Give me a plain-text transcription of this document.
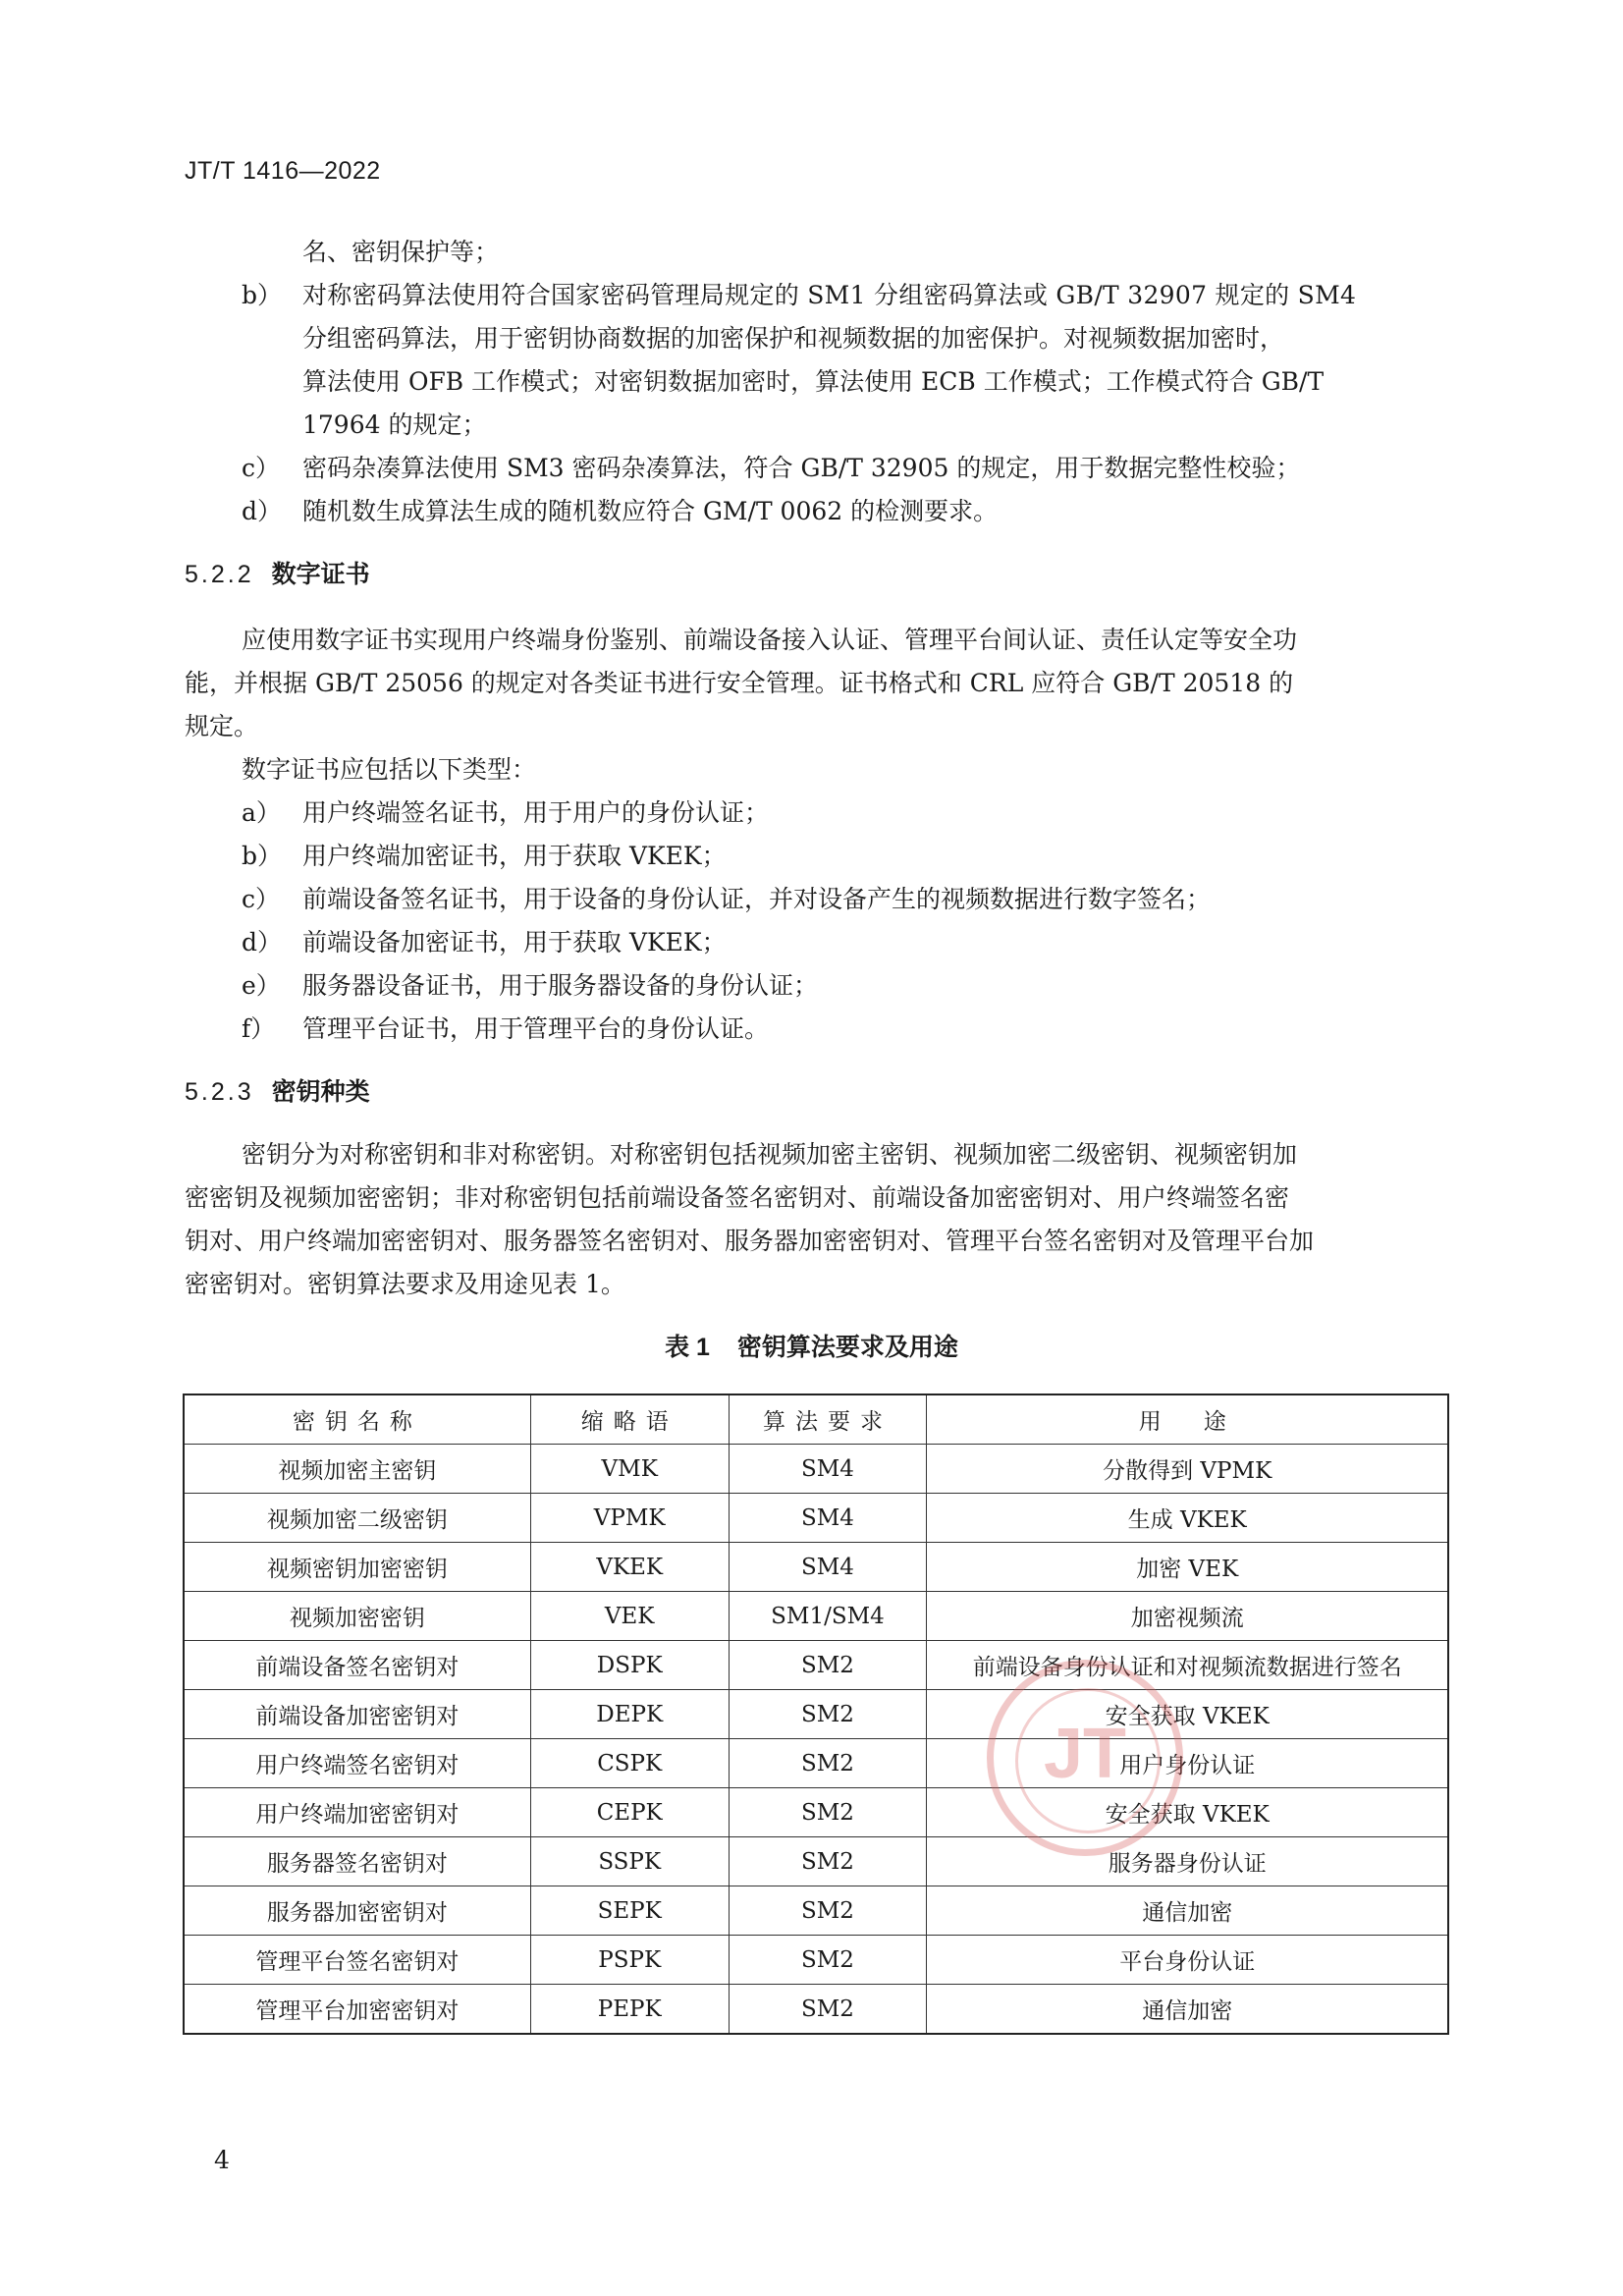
JT/T 1416—2022
名、密钥保护等；
b） 对称密码算法使用符合国家密码管理局规定的 SM1 分组密码算法或 GB/T 32907 规定的 SM4
分组密码算法，用于密钥协商数据的加密保护和视频数据的加密保护。对视频数据加密时，
算法使用 OFB 工作模式；对密钥数据加密时，算法使用 ECB 工作模式；工作模式符合 GB/T
17964 的规定；
c） 密码杂凑算法使用 SM3 密码杂凑算法，符合 GB/T 32905 的规定，用于数据完整性校验；
d） 随机数生成算法生成的随机数应符合 GM/T 0062 的检测要求。
5.2.2 数字证书
应使用数字证书实现用户终端身份鉴别、前端设备接入认证、管理平台间认证、责任认定等安全功
能，并根据 GB/T 25056 的规定对各类证书进行安全管理。证书格式和 CRL 应符合 GB/T 20518 的
规定。
数字证书应包括以下类型：
a） 用户终端签名证书，用于用户的身份认证；
b） 用户终端加密证书，用于获取 VKEK；
c） 前端设备签名证书，用于设备的身份认证，并对设备产生的视频数据进行数字签名；
d） 前端设备加密证书，用于获取 VKEK；
e） 服务器设备证书，用于服务器设备的身份认证；
f）	管理平台证书，用于管理平台的身份认证。
5.2.3 密钥种类
密钥分为对称密钥和非对称密钥。对称密钥包括视频加密主密钥、视频加密二级密钥、视频密钥加
密密钥及视频加密密钥；非对称密钥包括前端设备签名密钥对、前端设备加密密钥对、用户终端签名密
钥对、用户终端加密密钥对、服务器签名密钥对、服务器加密密钥对、管理平台签名密钥对及管理平台加
密密钥对。密钥算法要求及用途见表 1。
表 1 密钥算法要求及用途
密钥名称	缩略语	算法要求	用　途
视频加密主密钥	VMK	SM4	分散得到 VPMK
视频加密二级密钥	VPMK	SM4	生成 VKEK
视频密钥加密密钥	VKEK	SM4	加密 VEK
视频加密密钥	VEK	SM1/SM4	加密视频流
前端设备签名密钥对	DSPK	SM2	前端设备身份认证和对视频流数据进行签名
前端设备加密密钥对	DEPK	SM2	安全获取 VKEK
用户终端签名密钥对	CSPK	SM2	用户身份认证
用户终端加密密钥对	CEPK	SM2	安全获取 VKEK
服务器签名密钥对	SSPK	SM2	服务器身份认证
服务器加密密钥对	SEPK	SM2	通信加密
管理平台签名密钥对	PSPK	SM2	平台身份认证
管理平台加密密钥对	PEPK	SM2	通信加密
JT
4
